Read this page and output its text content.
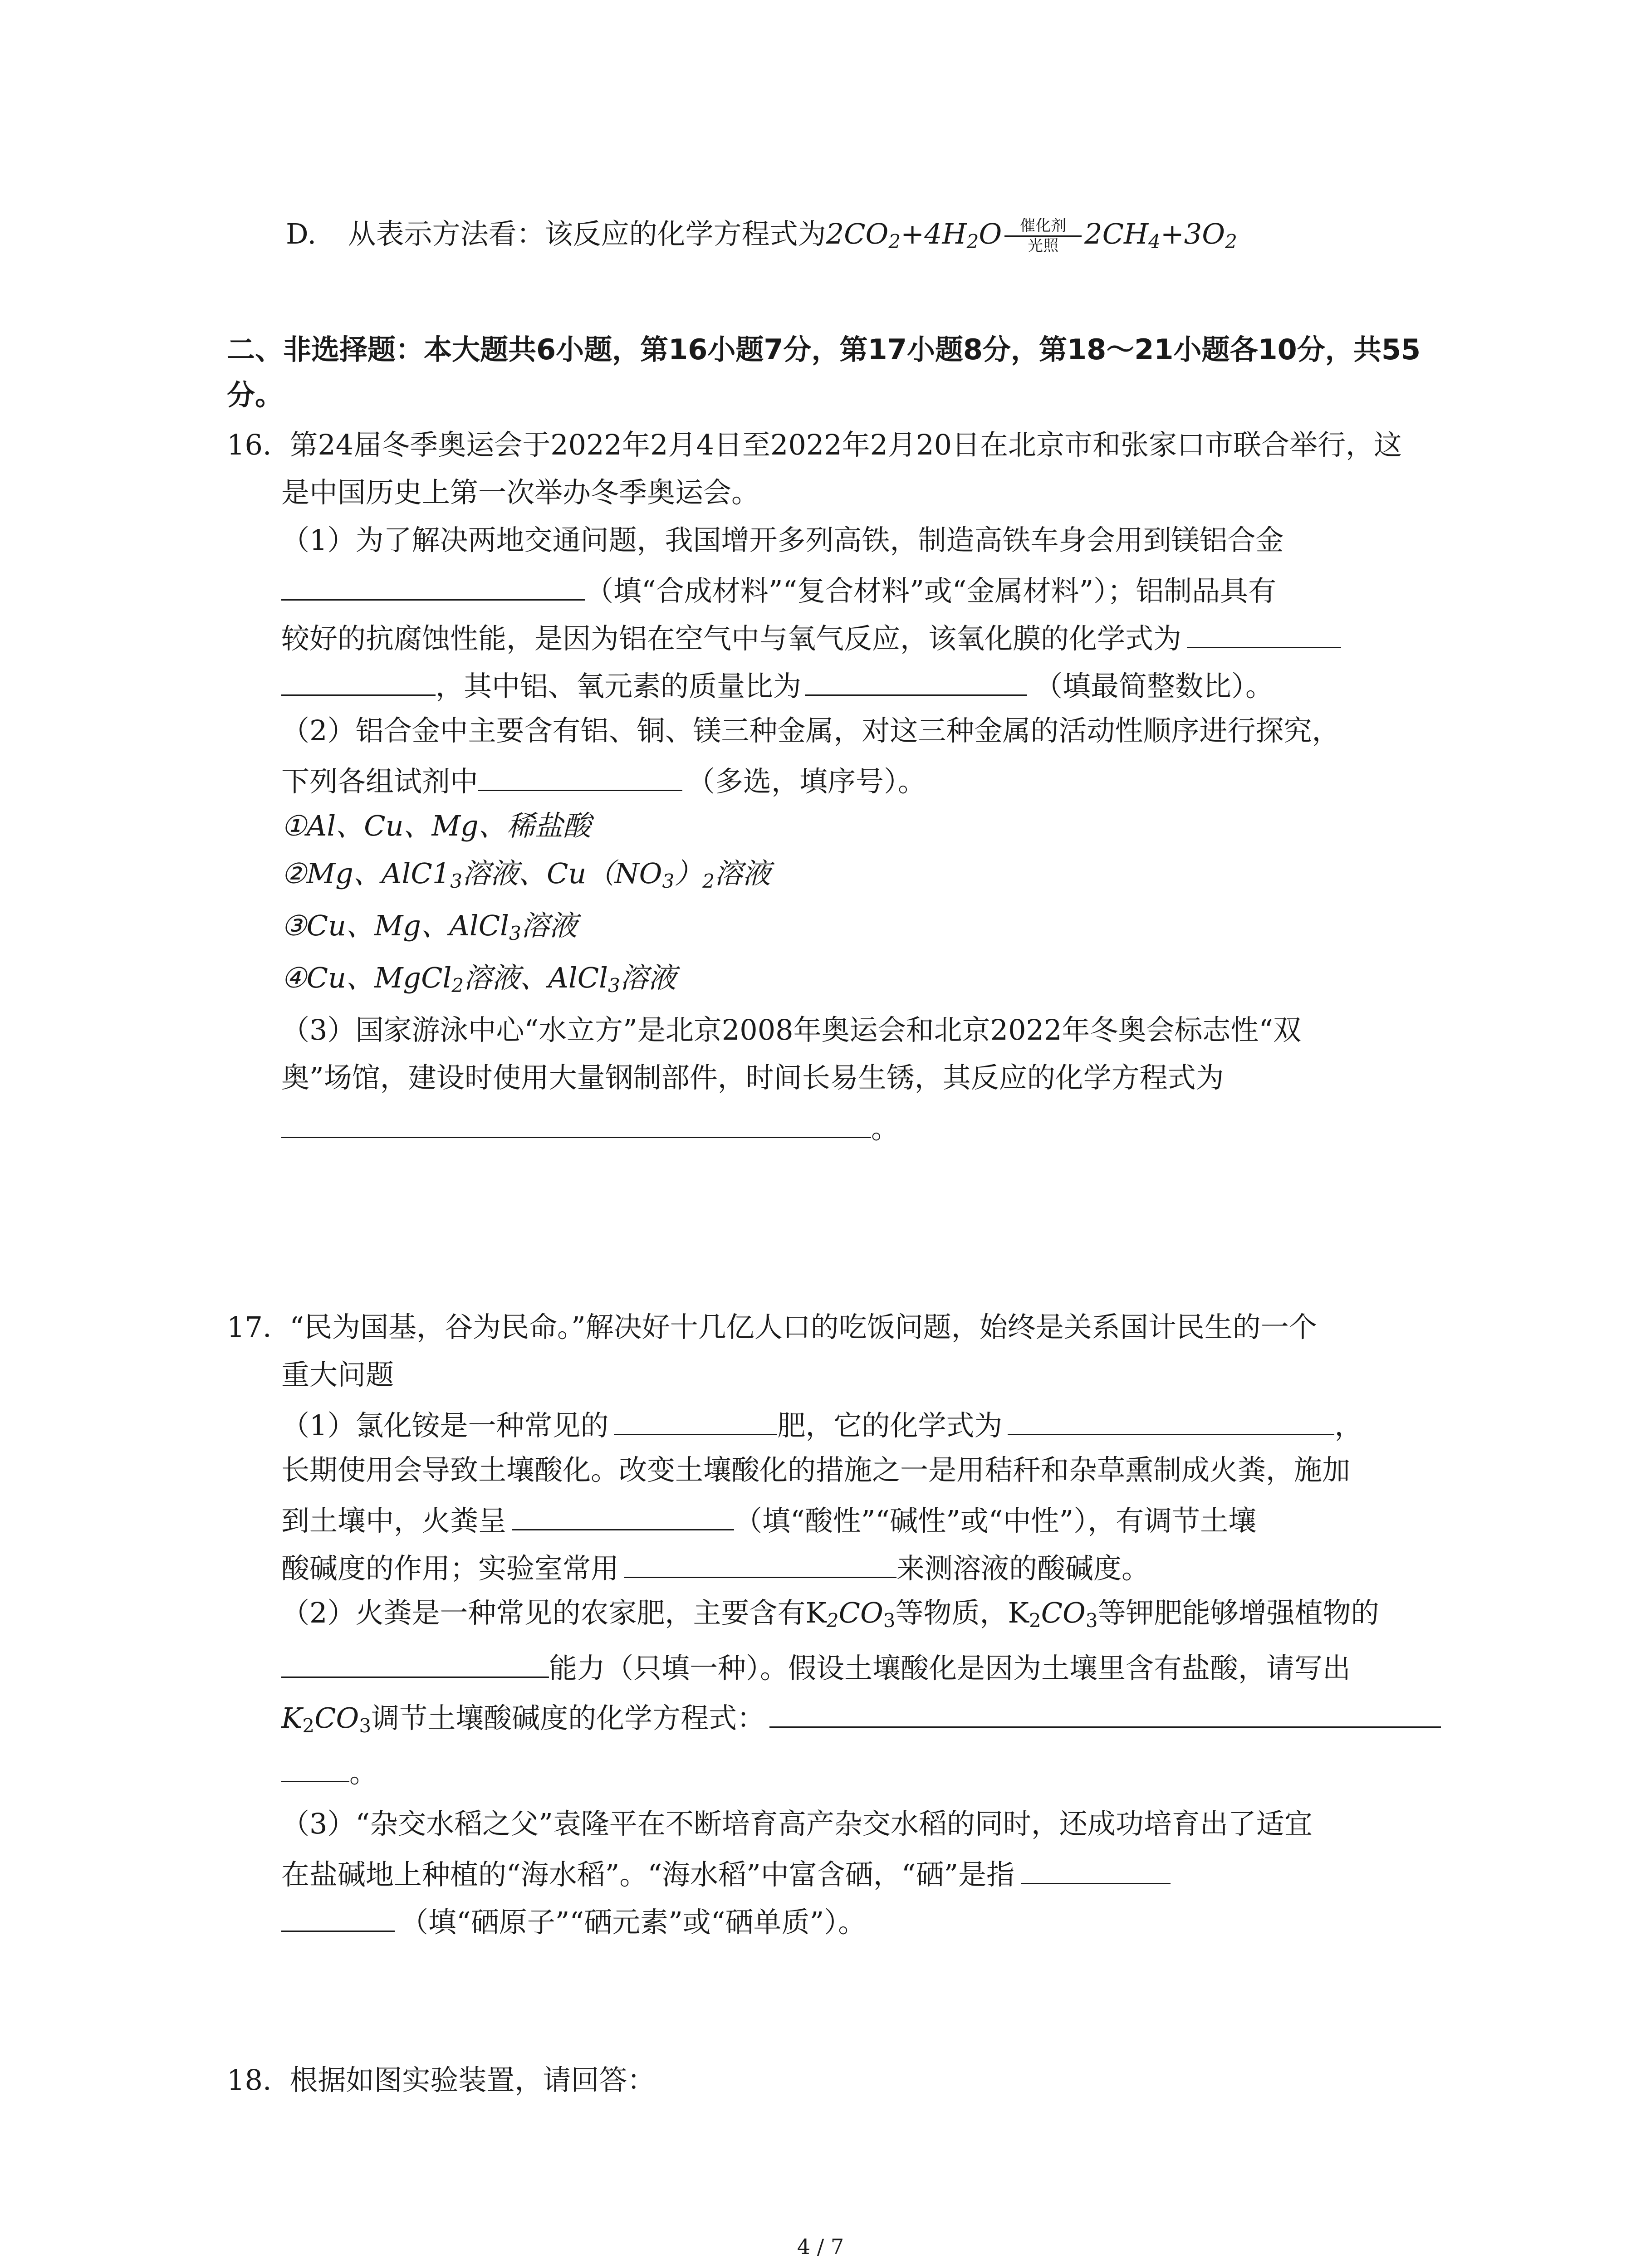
D. 从表示方法看：该反应的化学方程式为$2CO_2+4H_2O$	催化剂
光照 $2CH_4+3O_2$
二、非选择题：本大题共6小题，第16小题7分，第17小题8分，第18～21小题各10分，共55
分。
16. 第24届冬季奥运会于2022年2月4日至2022年2月20日在北京市和张家口市联合举行，这
是中国历史上第一次举办冬季奥运会。
（1）为了解决两地交通问题，我国增开多列高铁，制造高铁车身会用到镁铝合金
（填“合成材料”“复合材料”或“金属材料”）；铝制品具有
较好的抗腐蚀性能，是因为铝在空气中与氧气反应，该氧化膜的化学式为
，其中铝、氧元素的质量比为	（填最简整数比）。
（2）铝合金中主要含有铝、铜、镁三种金属，对这三种金属的活动性顺序进行探究，
下列各组试剂中	（多选，填序号）。
①Al、Cu、Mg、稀盐酸
②Mg、$AlC1_3$溶液、$Cu(NO_3)_2$溶液
③Cu、Mg、AlCl$_3$溶液
④Cu、MgCl$_2$溶液、AlCl$_3$溶液
（3）国家游泳中心“水立方”是北京2008年奥运会和北京2022年冬奥会标志性“双
奥”场馆，建设时使用大量钢制部件，时间长易生锈，其反应的化学方程式为
。
17. “民为国基，谷为民命。”解决好十几亿人口的吃饭问题，始终是关系国计民生的一个
重大问题
（1）氯化铵是一种常见的	肥，它的化学式为	，
长期使用会导致土壤酸化。改变土壤酸化的措施之一是用秸秆和杂草熏制成火粪，施加
到土壤中，火粪呈	（填“酸性”“碱性”或“中性”），有调节土壤
酸碱度的作用；实验室常用	来测溶液的酸碱度。
（2）火粪是一种常见的农家肥，主要含有$K_2CO_3$等物质，$K_2CO_3$等钾肥能够增强植物的
能力（只填一种）。假设土壤酸化是因为土壤里含有盐酸，请写出
$K_2CO_3$调节土壤酸碱度的化学方程式：
。
（3）“杂交水稻之父”袁隆平在不断培育高产杂交水稻的同时，还成功培育出了适宜
在盐碱地上种植的“海水稻”。“海水稻”中富含硒，“硒”是指
（填“硒原子”“硒元素”或“硒单质”）。
18. 根据如图实验装置，请回答：
4 / 7
